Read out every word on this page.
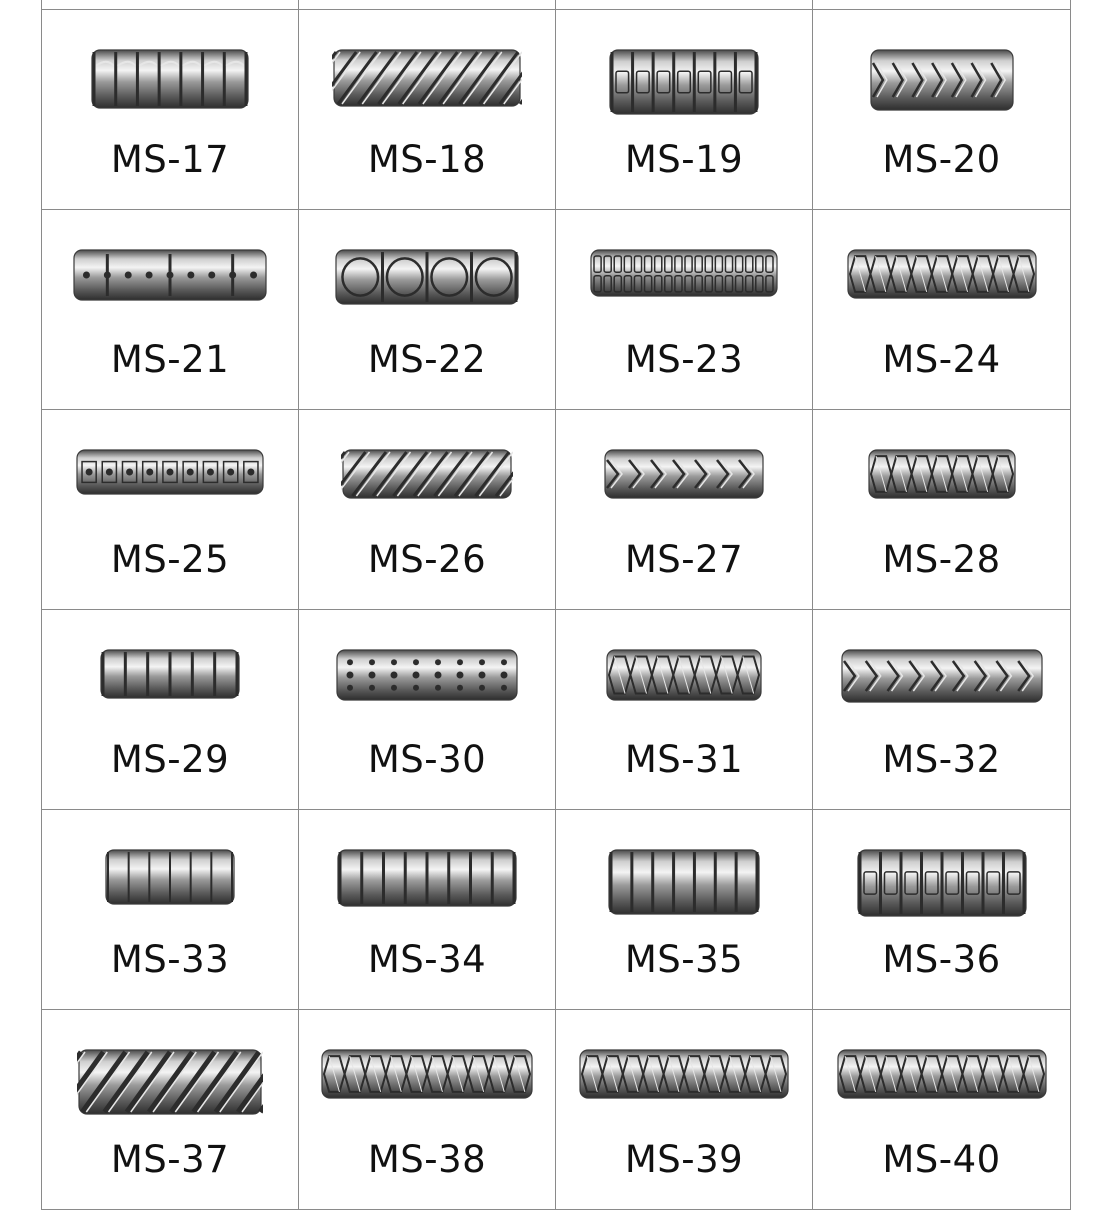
MS-17	MS-18	MS-19	MS-20
MS-21	MS-22	MS-23	MS-24
MS-25	MS-26	MS-27	MS-28
MS-29	MS-30	MS-31	MS-32
MS-33	MS-34	MS-35	MS-36
MS-37	MS-38	MS-39	MS-40
